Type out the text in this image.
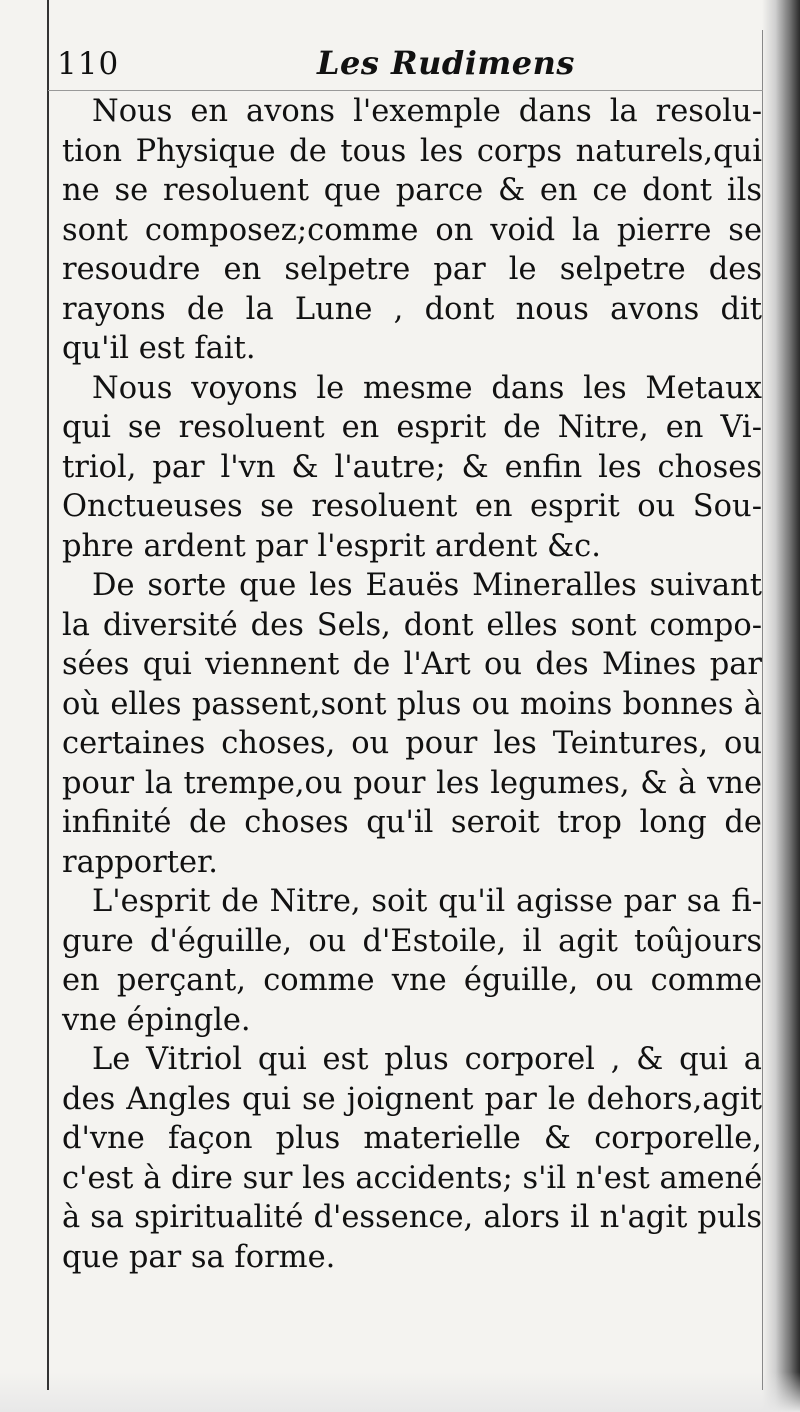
110	Les Rudimens
Nous en avons l'exemple dans la resolu-
tion Physique de tous les corps naturels,qui
ne se resoluent que parce & en ce dont ils
sont composez;comme on void la pierre se
resoudre en selpetre par le selpetre des
rayons de la Lune , dont nous avons dit
qu'il est fait.
Nous voyons le mesme dans les Metaux
qui se resoluent en esprit de Nitre, en Vi-
triol, par l'vn & l'autre; & enfin les choses
Onctueuses se resoluent en esprit ou Sou-
phre ardent par l'esprit ardent &c.
De sorte que les Eauës Mineralles suivant
la diversité des Sels, dont elles sont compo-
sées qui viennent de l'Art ou des Mines par
où elles passent,sont plus ou moins bonnes à
certaines choses, ou pour les Teintures, ou
pour la trempe,ou pour les legumes, & à vne
infinité de choses qu'il seroit trop long de
rapporter.
L'esprit de Nitre, soit qu'il agisse par sa fi-
gure d'éguille, ou d'Estoile, il agit toûjours
en perçant, comme vne éguille, ou comme
vne épingle.
Le Vitriol qui est plus corporel , & qui a
des Angles qui se joignent par le dehors,agit
d'vne façon plus materielle & corporelle,
c'est à dire sur les accidents; s'il n'est amené
à sa spiritualité d'essence, alors il n'agit puls
que par sa forme.
